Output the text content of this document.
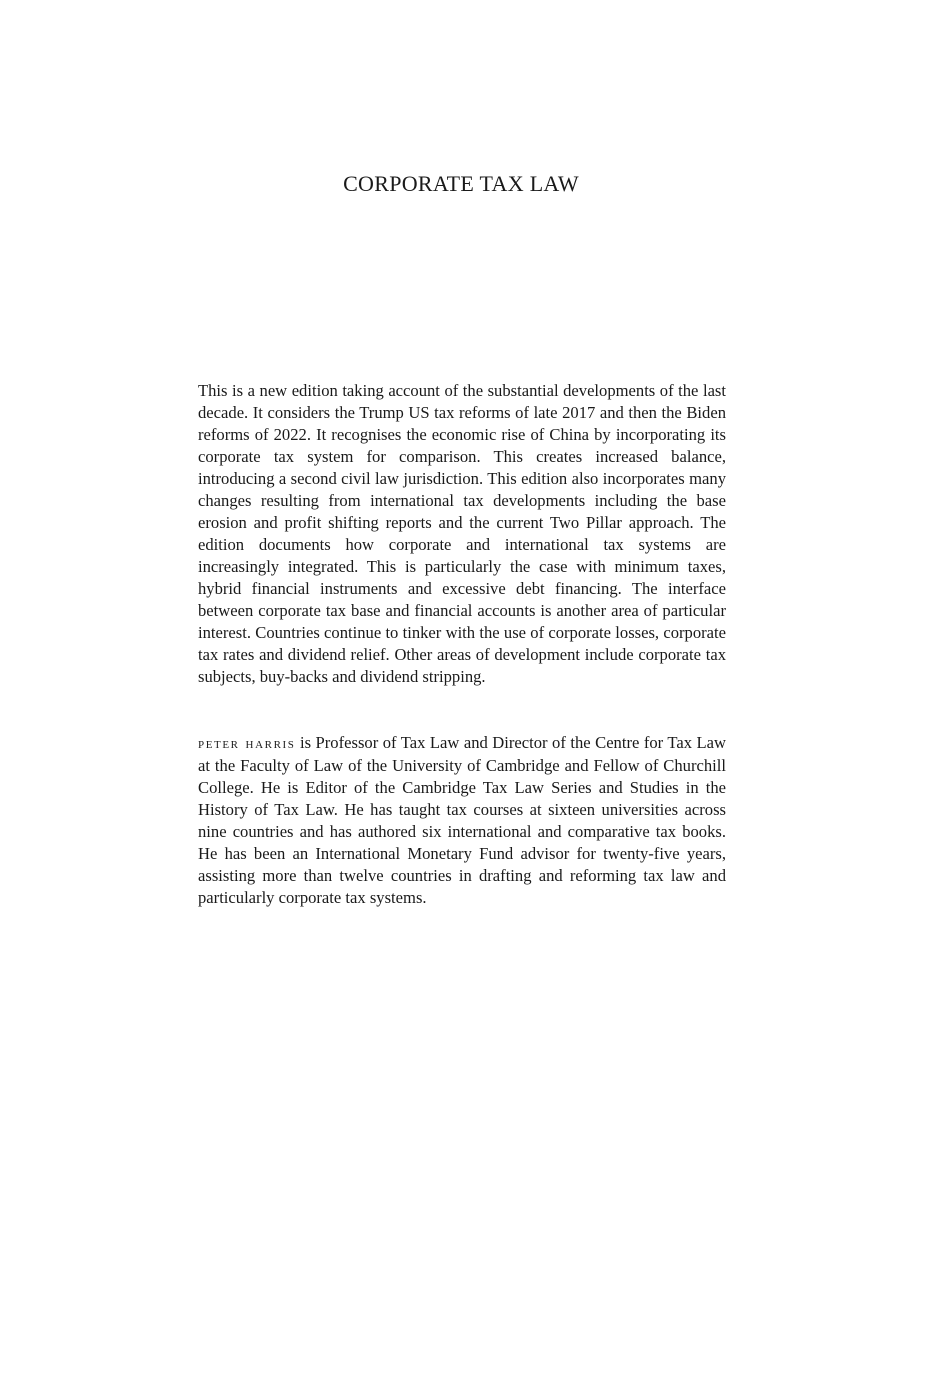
CORPORATE TAX LAW

This is a new edition taking account of the substantial developments of the last decade. It considers the Trump US tax reforms of late 2017 and then the Biden reforms of 2022. It recognises the economic rise of China by incorporating its corporate tax system for comparison. This creates increased balance, introducing a second civil law jurisdiction. This edition also incorporates many changes resulting from international tax developments including the base erosion and profit shifting reports and the current Two Pillar approach. The edition documents how corporate and international tax systems are increasingly integrated. This is particularly the case with minimum taxes, hybrid financial instruments and excessive debt financing. The interface between corporate tax base and financial accounts is another area of particular interest. Countries continue to tinker with the use of corporate losses, corporate tax rates and dividend relief. Other areas of development include corporate tax subjects, buy-backs and dividend stripping.

peter harris is Professor of Tax Law and Director of the Centre for Tax Law at the Faculty of Law of the University of Cambridge and Fellow of Churchill College. He is Editor of the Cambridge Tax Law Series and Studies in the History of Tax Law. He has taught tax courses at sixteen universities across nine countries and has authored six international and comparative tax books. He has been an International Monetary Fund advisor for twenty-five years, assisting more than twelve countries in drafting and reforming tax law and particularly corporate tax systems.
